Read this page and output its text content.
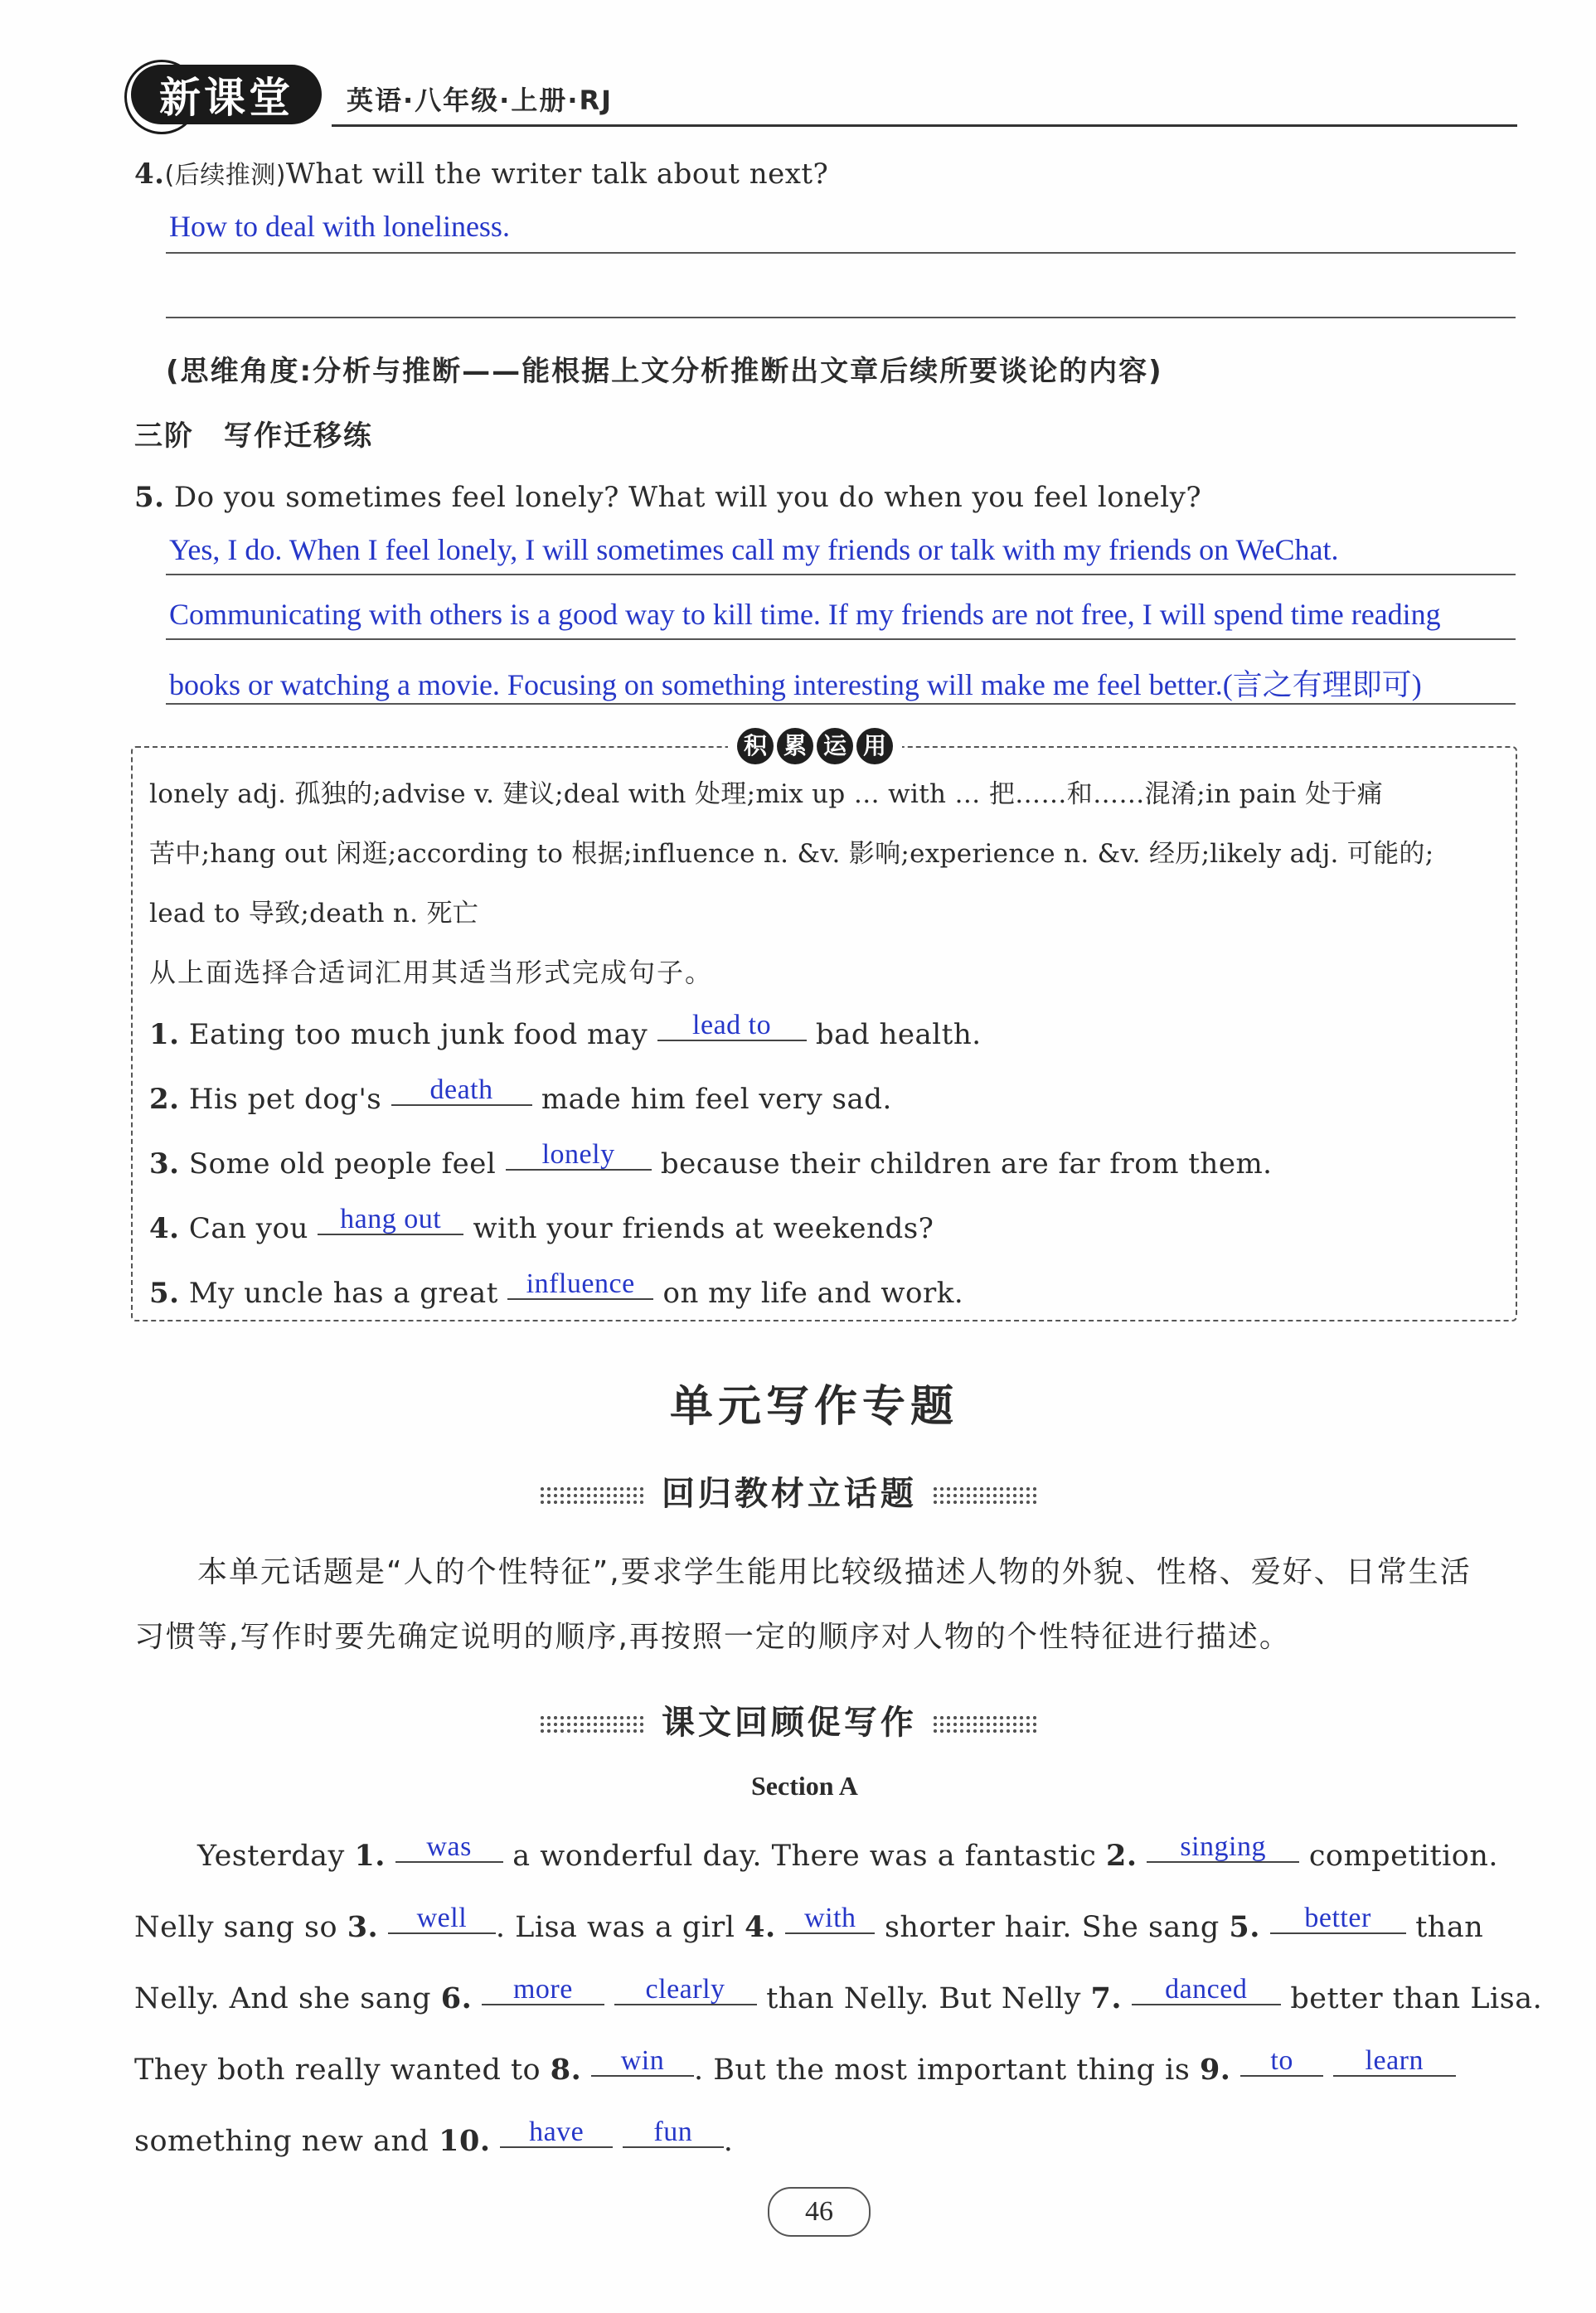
新课堂	英语·八年级·上册·RJ
4.(后续推测)What will the writer talk about next?
How to deal with loneliness.
(思维角度:分析与推断——能根据上文分析推断出文章后续所要谈论的内容)
三阶　写作迁移练
5. Do you sometimes feel lonely? What will you do when you feel lonely?
Yes, I do. When I feel lonely, I will sometimes call my friends or talk with my friends on WeChat.
Communicating with others is a good way to kill time. If my friends are not free, I will spend time reading
books or watching a movie. Focusing on something interesting will make me feel better.(言之有理即可)
积 累 运 用
lonely adj. 孤独的;advise v. 建议;deal with 处理;mix up … with … 把……和……混淆;in pain 处于痛
苦中;hang out 闲逛;according to 根据;influence n. &v. 影响;experience n. &v. 经历;likely adj. 可能的;
lead to 导致;death n. 死亡
从上面选择合适词汇用其适当形式完成句子。
1. Eating too much junk food may lead to bad health.
2. His pet dog's death made him feel very sad.
3. Some old people feel lonely because their children are far from them.
4. Can you hang out with your friends at weekends?
5. My uncle has a great influence on my life and work.
单元写作专题
回归教材立话题
本单元话题是“人的个性特征”,要求学生能用比较级描述人物的外貌、性格、爱好、日常生活
习惯等,写作时要先确定说明的顺序,再按照一定的顺序对人物的个性特征进行描述。
课文回顾促写作
Section A
Yesterday 1. was a wonderful day. There was a fantastic 2. singing competition.
Nelly sang so 3. well . Lisa was a girl 4. with shorter hair. She sang 5. better than
Nelly. And she sang 6. more	clearly than Nelly. But Nelly 7. danced better than Lisa.
They both really wanted to 8. win . But the most important thing is 9. to	learn
something new and 10. have fun .
46
